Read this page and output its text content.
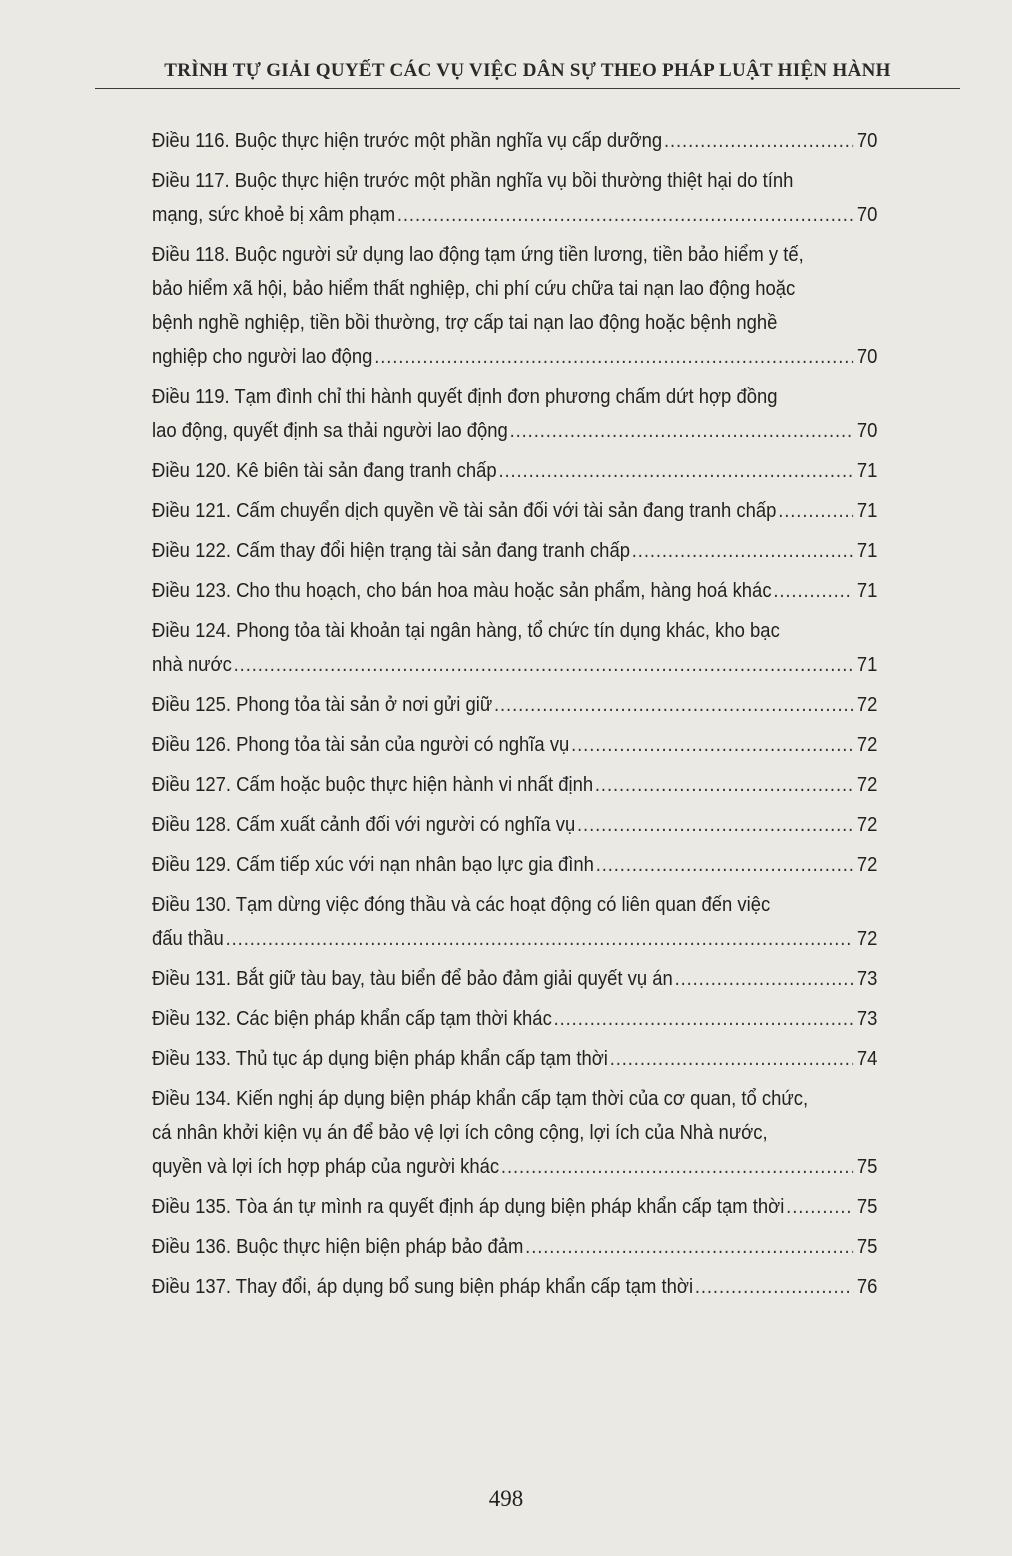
TRÌNH TỰ GIẢI QUYẾT CÁC VỤ VIỆC DÂN SỰ THEO PHÁP LUẬT HIỆN HÀNH
Điều 116. Buộc thực hiện trước một phần nghĩa vụ cấp dưỡng .....	70
Điều 117. Buộc thực hiện trước một phần nghĩa vụ bồi thường thiệt hại do tính
mạng, sức khoẻ bị xâm phạm .....	70
Điều 118. Buộc người sử dụng lao động tạm ứng tiền lương, tiền bảo hiểm y tế,
bảo hiểm xã hội, bảo hiểm thất nghiệp, chi phí cứu chữa tai nạn lao động hoặc
bệnh nghề nghiệp, tiền bồi thường, trợ cấp tai nạn lao động hoặc bệnh nghề
nghiệp cho người lao động .....	70
Điều 119. Tạm đình chỉ thi hành quyết định đơn phương chấm dứt hợp đồng
lao động, quyết định sa thải người lao động .....	70
Điều 120. Kê biên tài sản đang tranh chấp .....	71
Điều 121. Cấm chuyển dịch quyền về tài sản đối với tài sản đang tranh chấp .....	71
Điều 122. Cấm thay đổi hiện trạng tài sản đang tranh chấp .....	71
Điều 123. Cho thu hoạch, cho bán hoa màu hoặc sản phẩm, hàng hoá khác .....	71
Điều 124. Phong tỏa tài khoản tại ngân hàng, tổ chức tín dụng khác, kho bạc
nhà nước .....	71
Điều 125. Phong tỏa tài sản ở nơi gửi giữ .....	72
Điều 126. Phong tỏa tài sản của người có nghĩa vụ .....	72
Điều 127. Cấm hoặc buộc thực hiện hành vi nhất định .....	72
Điều 128. Cấm xuất cảnh đối với người có nghĩa vụ .....	72
Điều 129. Cấm tiếp xúc với nạn nhân bạo lực gia đình .....	72
Điều 130. Tạm dừng việc đóng thầu và các hoạt động có liên quan đến việc
đấu thầu .....	72
Điều 131. Bắt giữ tàu bay, tàu biển để bảo đảm giải quyết vụ án .....	73
Điều 132. Các biện pháp khẩn cấp tạm thời khác .....	73
Điều 133. Thủ tục áp dụng biện pháp khẩn cấp tạm thời .....	74
Điều 134. Kiến nghị áp dụng biện pháp khẩn cấp tạm thời của cơ quan, tổ chức,
cá nhân khởi kiện vụ án để bảo vệ lợi ích công cộng, lợi ích của Nhà nước,
quyền và lợi ích hợp pháp của người khác .....	75
Điều 135. Tòa án tự mình ra quyết định áp dụng biện pháp khẩn cấp tạm thời .....	75
Điều 136. Buộc thực hiện biện pháp bảo đảm .....	75
Điều 137. Thay đổi, áp dụng bổ sung biện pháp khẩn cấp tạm thời .....	76
498
